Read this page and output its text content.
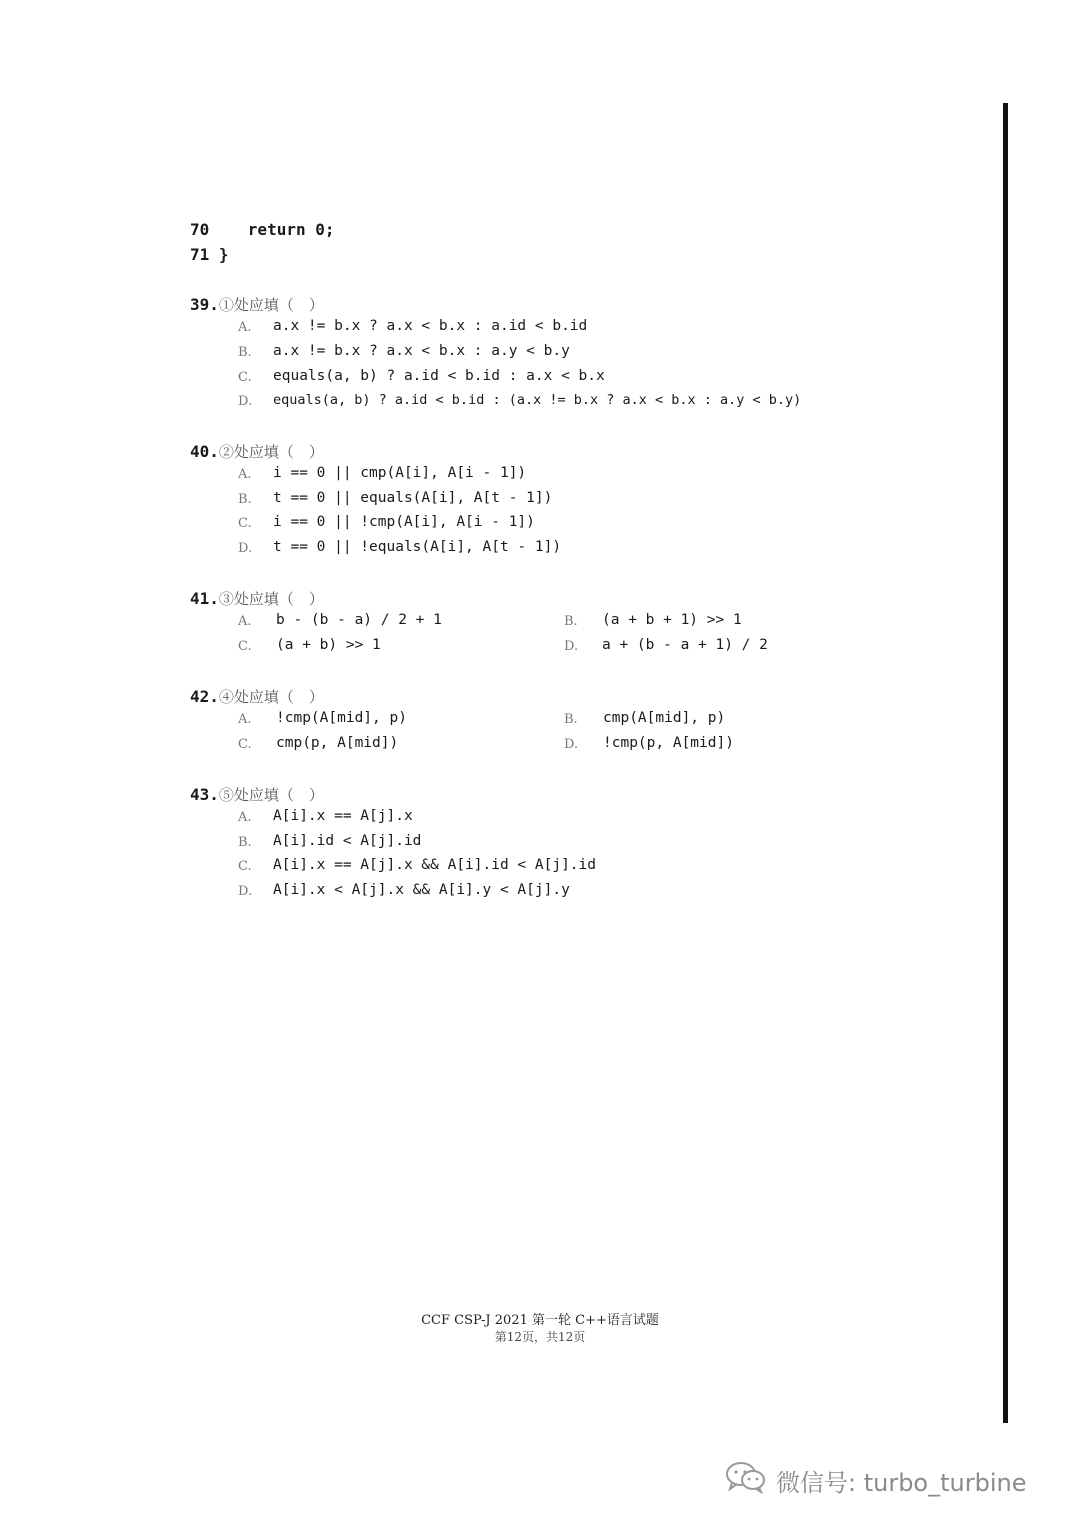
70    return 0;
71 }
39.①处应填（　）
A. a.x != b.x ? a.x < b.x : a.id < b.id
B. a.x != b.x ? a.x < b.x : a.y < b.y
C. equals(a, b) ? a.id < b.id : a.x < b.x
D. equals(a, b) ? a.id < b.id : (a.x != b.x ? a.x < b.x : a.y < b.y)
40.②处应填（　）
A. i == 0 || cmp(A[i], A[i - 1])
B. t == 0 || equals(A[i], A[t - 1])
C. i == 0 || !cmp(A[i], A[i - 1])
D. t == 0 || !equals(A[i], A[t - 1])
41.③处应填（　）
A. b - (b - a) / 2 + 1	B. (a + b + 1) >> 1
C. (a + b) >> 1	D. a + (b - a + 1) / 2
42.④处应填（　）
A. !cmp(A[mid], p)	B. cmp(A[mid], p)
C. cmp(p, A[mid])	D. !cmp(p, A[mid])
43.⑤处应填（　）
A. A[i].x == A[j].x
B. A[i].id < A[j].id
C. A[i].x == A[j].x && A[i].id < A[j].id
D. A[i].x < A[j].x && A[i].y < A[j].y
CCF CSP-J 2021 第一轮 C++语言试题
第12页，共12页
微信号: turbo_turbine
